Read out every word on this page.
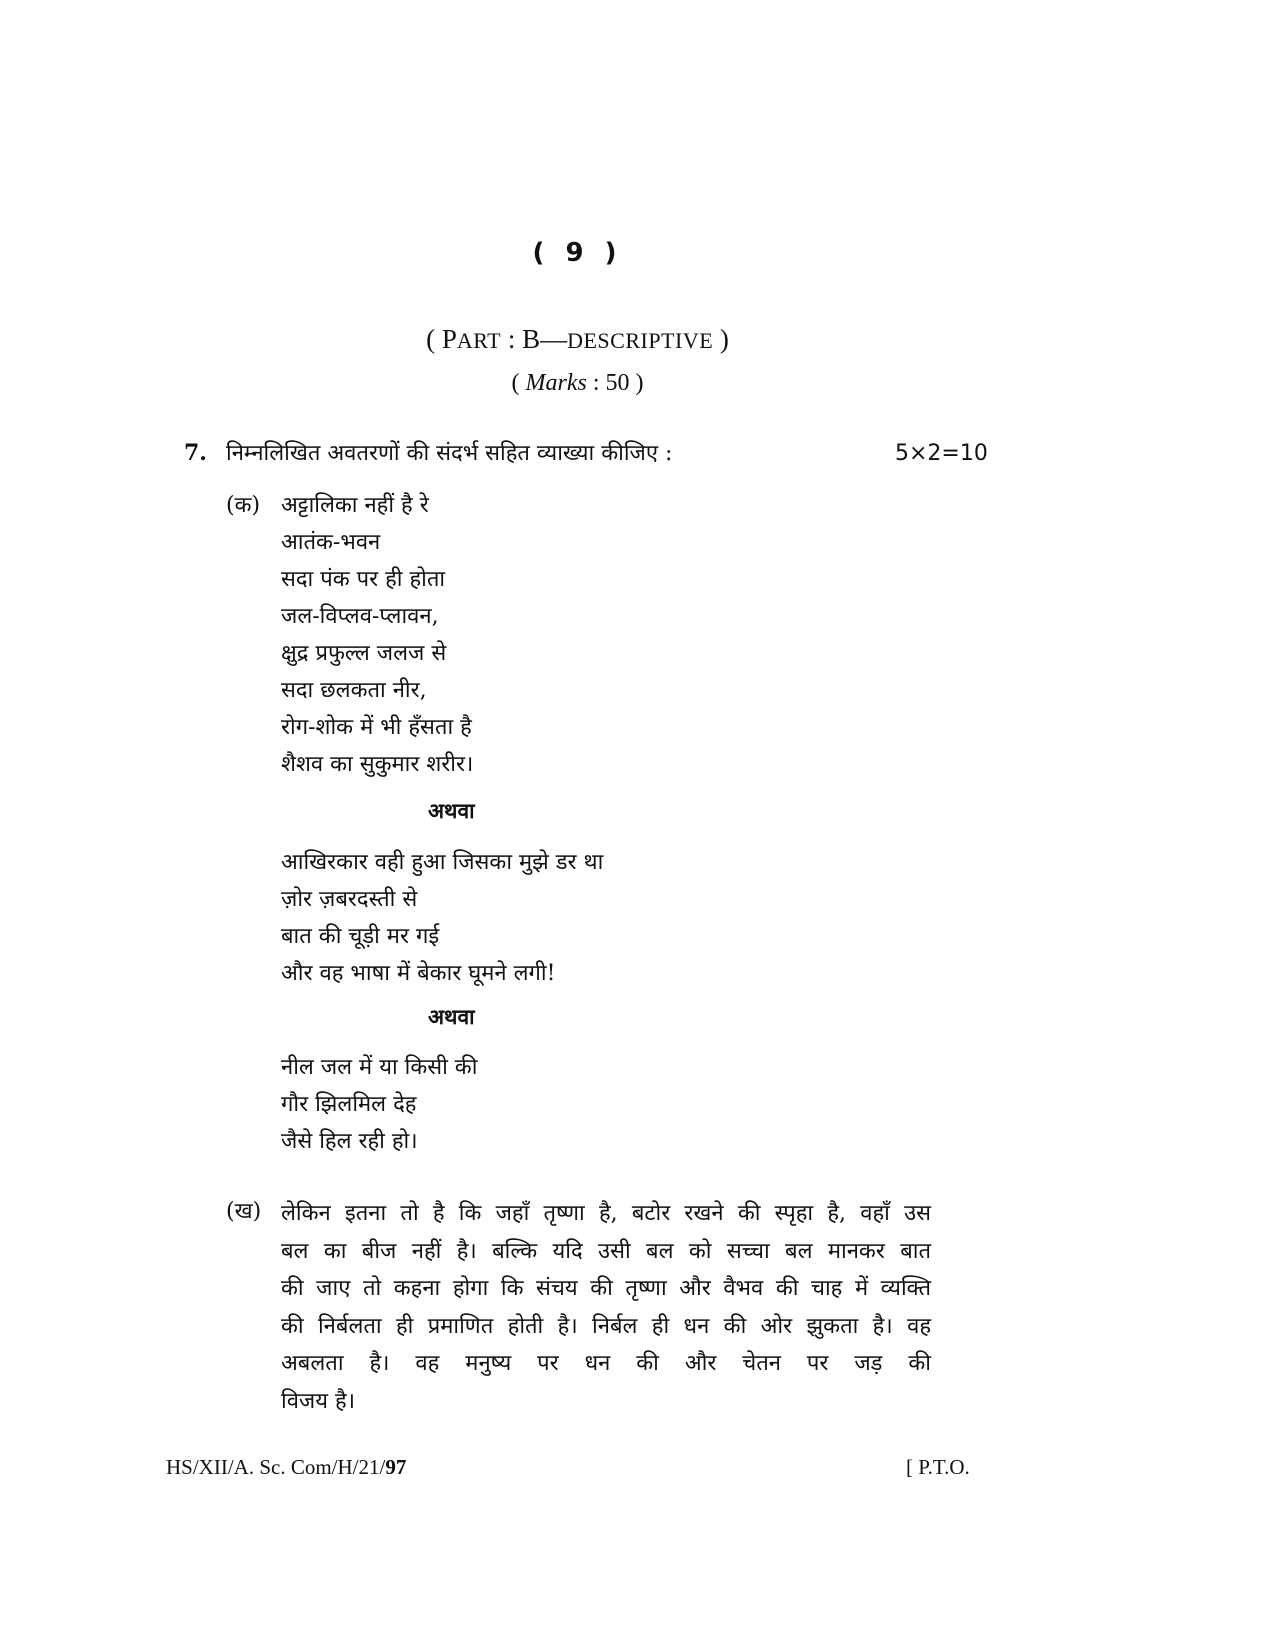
( 9 )
( PART : B—DESCRIPTIVE )
( Marks : 50 )
7. निम्नलिखित अवतरणों की संदर्भ सहित व्याख्या कीजिए :	5×2=10
(क) अट्टालिका नहीं है रे
आतंक-भवन
सदा पंक पर ही होता
जल-विप्लव-प्लावन,
क्षुद्र प्रफुल्ल जलज से
सदा छलकता नीर,
रोग-शोक में भी हँसता है
शैशव का सुकुमार शरीर।
अथवा
आखिरकार वही हुआ जिसका मुझे डर था
ज़ोर ज़बरदस्ती से
बात की चूड़ी मर गई
और वह भाषा में बेकार घूमने लगी!
अथवा
नील जल में या किसी की
गौर झिलमिल देह
जैसे हिल रही हो।
(ख) लेकिन इतना तो है कि जहाँ तृष्णा है, बटोर रखने की स्पृहा है, वहाँ उस
बल का बीज नहीं है। बल्कि यदि उसी बल को सच्चा बल मानकर बात
की जाए तो कहना होगा कि संचय की तृष्णा और वैभव की चाह में व्यक्ति
की निर्बलता ही प्रमाणित होती है। निर्बल ही धन की ओर झुकता है। वह
अबलता है। वह मनुष्य पर धन की और चेतन पर जड़ की
विजय है।
HS/XII/A. Sc. Com/H/21/97	[ P.T.O.
